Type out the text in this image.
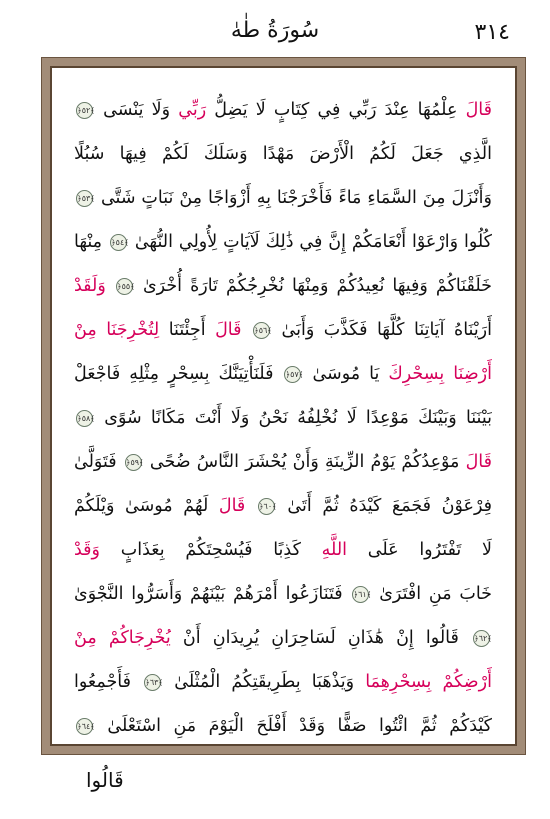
٣١٤
سُورَةُ طٰهٰ
قَالَ عِلْمُهَا عِنْدَ رَبِّي فِي كِتَابٍ لَا يَضِلُّ رَبِّي وَلَا يَنْسَى ﴿٥٢﴾
الَّذِي جَعَلَ لَكُمُ الْأَرْضَ مَهْدًا وَسَلَكَ لَكُمْ فِيهَا سُبُلًا
وَأَنْزَلَ مِنَ السَّمَاءِ مَاءً فَأَخْرَجْنَا بِهِ أَزْوَاجًا مِنْ نَبَاتٍ شَتَّى ﴿٥٣﴾
كُلُوا وَارْعَوْا أَنْعَامَكُمْ إِنَّ فِي ذَٰلِكَ لَآيَاتٍ لِأُولِي النُّهَىٰ ﴿٥٤﴾ مِنْهَا
خَلَقْنَاكُمْ وَفِيهَا نُعِيدُكُمْ وَمِنْهَا نُخْرِجُكُمْ تَارَةً أُخْرَىٰ ﴿٥٥﴾ وَلَقَدْ
أَرَيْنَاهُ آيَاتِنَا كُلَّهَا فَكَذَّبَ وَأَبَىٰ ﴿٥٦﴾ قَالَ أَجِئْتَنَا لِتُخْرِجَنَا مِنْ
أَرْضِنَا بِسِحْرِكَ يَا مُوسَىٰ ﴿٥٧﴾ فَلَنَأْتِيَنَّكَ بِسِحْرٍ مِثْلِهِ فَاجْعَلْ
بَيْنَنَا وَبَيْنَكَ مَوْعِدًا لَا نُخْلِفُهُ نَحْنُ وَلَا أَنْتَ مَكَانًا سُوًى ﴿٥٨﴾
قَالَ مَوْعِدُكُمْ يَوْمُ الزِّينَةِ وَأَنْ يُحْشَرَ النَّاسُ ضُحًى ﴿٥٩﴾ فَتَوَلَّىٰ
فِرْعَوْنُ فَجَمَعَ كَيْدَهُ ثُمَّ أَتَىٰ ﴿٦٠﴾ قَالَ لَهُمْ مُوسَىٰ وَيْلَكُمْ
لَا تَفْتَرُوا عَلَى اللَّهِ كَذِبًا فَيُسْحِتَكُمْ بِعَذَابٍ وَقَدْ
خَابَ مَنِ افْتَرَىٰ ﴿٦١﴾ فَتَنَازَعُوا أَمْرَهُمْ بَيْنَهُمْ وَأَسَرُّوا النَّجْوَىٰ
﴿٦٢﴾ قَالُوا إِنْ هَٰذَانِ لَسَاحِرَانِ يُرِيدَانِ أَنْ يُخْرِجَاكُمْ مِنْ
أَرْضِكُمْ بِسِحْرِهِمَا وَيَذْهَبَا بِطَرِيقَتِكُمُ الْمُثْلَىٰ ﴿٦٣﴾ فَأَجْمِعُوا
كَيْدَكُمْ ثُمَّ ائْتُوا صَفًّا وَقَدْ أَفْلَحَ الْيَوْمَ مَنِ اسْتَعْلَىٰ ﴿٦٤﴾
قَالُوا
